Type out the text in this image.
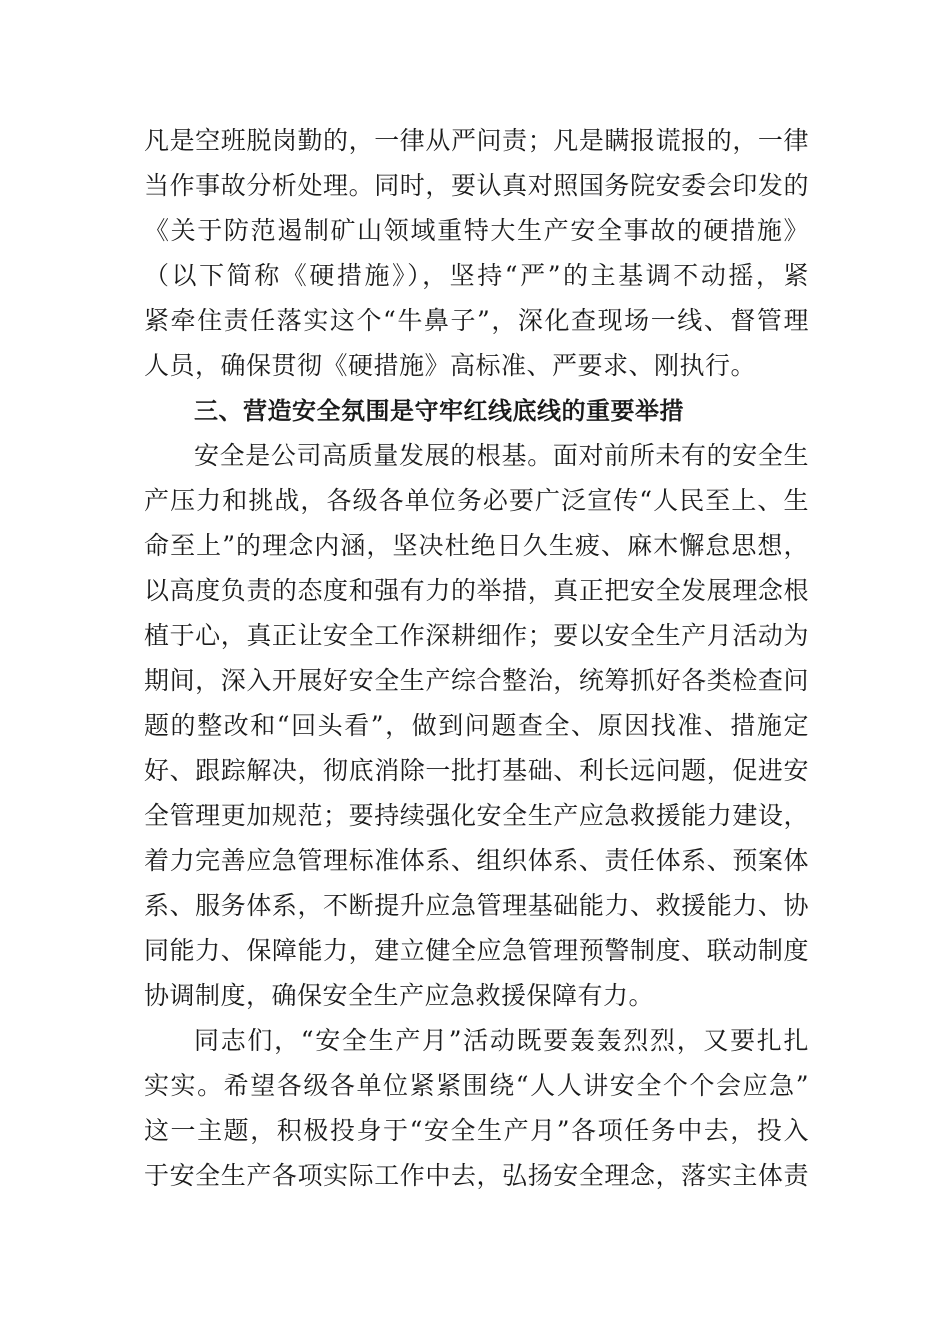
凡是空班脱岗勤的，一律从严问责；凡是瞒报谎报的，一律
当作事故分析处理。同时，要认真对照国务院安委会印发的
《关于防范遏制矿山领域重特大生产安全事故的硬措施》
（以下简称《硬措施》），坚持“严”的主基调不动摇，紧
紧牵住责任落实这个“牛鼻子”，深化查现场一线、督管理
人员，确保贯彻《硬措施》高标准、严要求、刚执行。
三、营造安全氛围是守牢红线底线的重要举措
安全是公司高质量发展的根基。面对前所未有的安全生
产压力和挑战，各级各单位务必要广泛宣传“人民至上、生
命至上”的理念内涵，坚决杜绝日久生疲、麻木懈怠思想，
以高度负责的态度和强有力的举措，真正把安全发展理念根
植于心，真正让安全工作深耕细作；要以安全生产月活动为
期间，深入开展好安全生产综合整治，统筹抓好各类检查问
题的整改和“回头看”，做到问题查全、原因找准、措施定
好、跟踪解决，彻底消除一批打基础、利长远问题，促进安
全管理更加规范；要持续强化安全生产应急救援能力建设，
着力完善应急管理标准体系、组织体系、责任体系、预案体
系、服务体系，不断提升应急管理基础能力、救援能力、协
同能力、保障能力，建立健全应急管理预警制度、联动制度
协调制度，确保安全生产应急救援保障有力。
同志们，“安全生产月”活动既要轰轰烈烈，又要扎扎
实实。希望各级各单位紧紧围绕“人人讲安全个个会应急”
这一主题，积极投身于“安全生产月”各项任务中去，投入
于安全生产各项实际工作中去，弘扬安全理念，落实主体责
